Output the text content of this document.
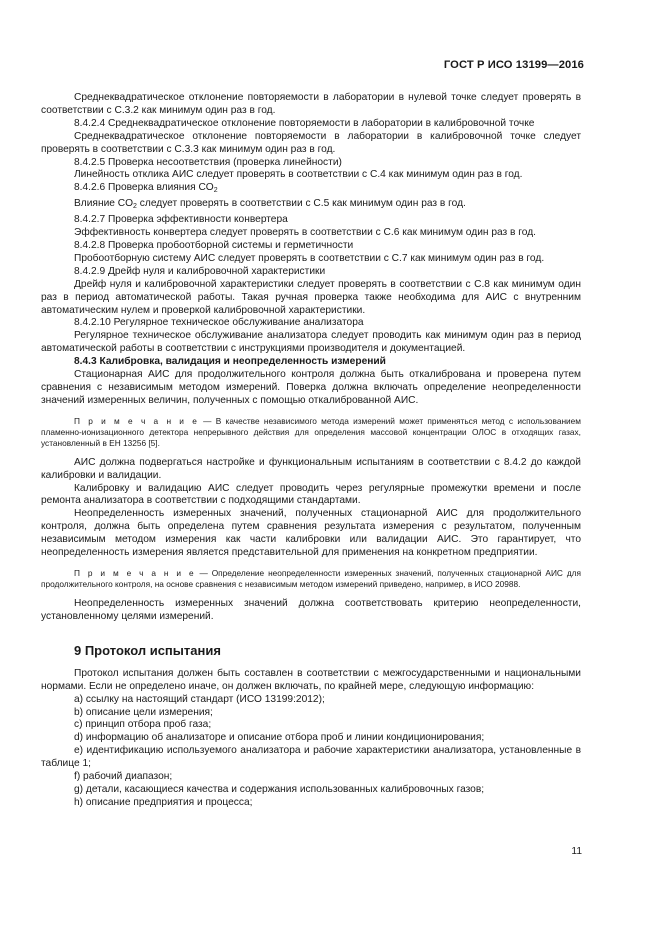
ГОСТ Р ИСО 13199—2016

Среднеквадратическое отклонение повторяемости в лаборатории в нулевой точке следует проверять в соответствии с С.3.2 как минимум один раз в год.

8.4.2.4 Среднеквадратическое отклонение повторяемости в лаборатории в калибровочной точке

Среднеквадратическое отклонение повторяемости в лаборатории в калибровочной точке следует проверять в соответствии с С.3.3 как минимум один раз в год.

8.4.2.5 Проверка несоответствия (проверка линейности)

Линейность отклика АИС следует проверять в соответствии с С.4 как минимум один раз в год.

8.4.2.6 Проверка влияния $CO_2$

Влияние $CO_2$ следует проверять в соответствии с С.5 как минимум один раз в год.

8.4.2.7 Проверка эффективности конвертера

Эффективность конвертера следует проверять в соответствии с С.6 как минимум один раз в год.

8.4.2.8 Проверка пробоотборной системы и герметичности

Пробоотборную систему АИС следует проверять в соответствии с С.7 как минимум один раз в год.

8.4.2.9 Дрейф нуля и калибровочной характеристики

Дрейф нуля и калибровочной характеристики следует проверять в соответствии с С.8 как минимум один раз в период автоматической работы. Такая ручная проверка также необходима для АИС с внутренним автоматическим нулем и проверкой калибровочной характеристики.

8.4.2.10 Регулярное техническое обслуживание анализатора

Регулярное техническое обслуживание анализатора следует проводить как минимум один раз в период автоматической работы в соответствии с инструкциями производителя и документацией.

8.4.3 Калибровка, валидация и неопределенность измерений

Стационарная АИС для продолжительного контроля должна быть откалибрована и проверена путем сравнения с независимым методом измерений. Поверка должна включать определение неопределенности значений измеренных величин, полученных с помощью откалиброванной АИС.

П р и м е ч а н и е — В качестве независимого метода измерений может применяться метод с использованием пламенно-ионизационного детектора непрерывного действия для определения массовой концентрации ОЛОС в отходящих газах, установленный в ЕН 13256 [5].

АИС должна подвергаться настройке и функциональным испытаниям в соответствии с 8.4.2 до каждой калибровки и валидации.

Калибровку и валидацию АИС следует проводить через регулярные промежутки времени и после ремонта анализатора в соответствии с подходящими стандартами.

Неопределенность измеренных значений, полученных стационарной АИС для продолжительного контроля, должна быть определена путем сравнения результата измерения с результатом, полученным независимым методом измерения как части калибровки или валидации АИС. Это гарантирует, что неопределенность измерения является представительной для применения на конкретном предприятии.

П р и м е ч а н и е — Определение неопределенности измеренных значений, полученных стационарной АИС для продолжительного контроля, на основе сравнения с независимым методом измерений приведено, например, в ИСО 20988.

Неопределенность измеренных значений должна соответствовать критерию неопределенности, установленному целями измерений.

9 Протокол испытания

Протокол испытания должен быть составлен в соответствии с межгосударственными и национальными нормами. Если не определено иначе, он должен включать, по крайней мере, следующую информацию:

a) ссылку на настоящий стандарт (ИСО 13199:2012);

b) описание цели измерения;

c) принцип отбора проб газа;

d) информацию об анализаторе и описание отбора проб и линии кондиционирования;

e) идентификацию используемого анализатора и рабочие характеристики анализатора, установленные в таблице 1;

f) рабочий диапазон;

g) детали, касающиеся качества и содержания использованных калибровочных газов;

h) описание предприятия и процесса;

11
